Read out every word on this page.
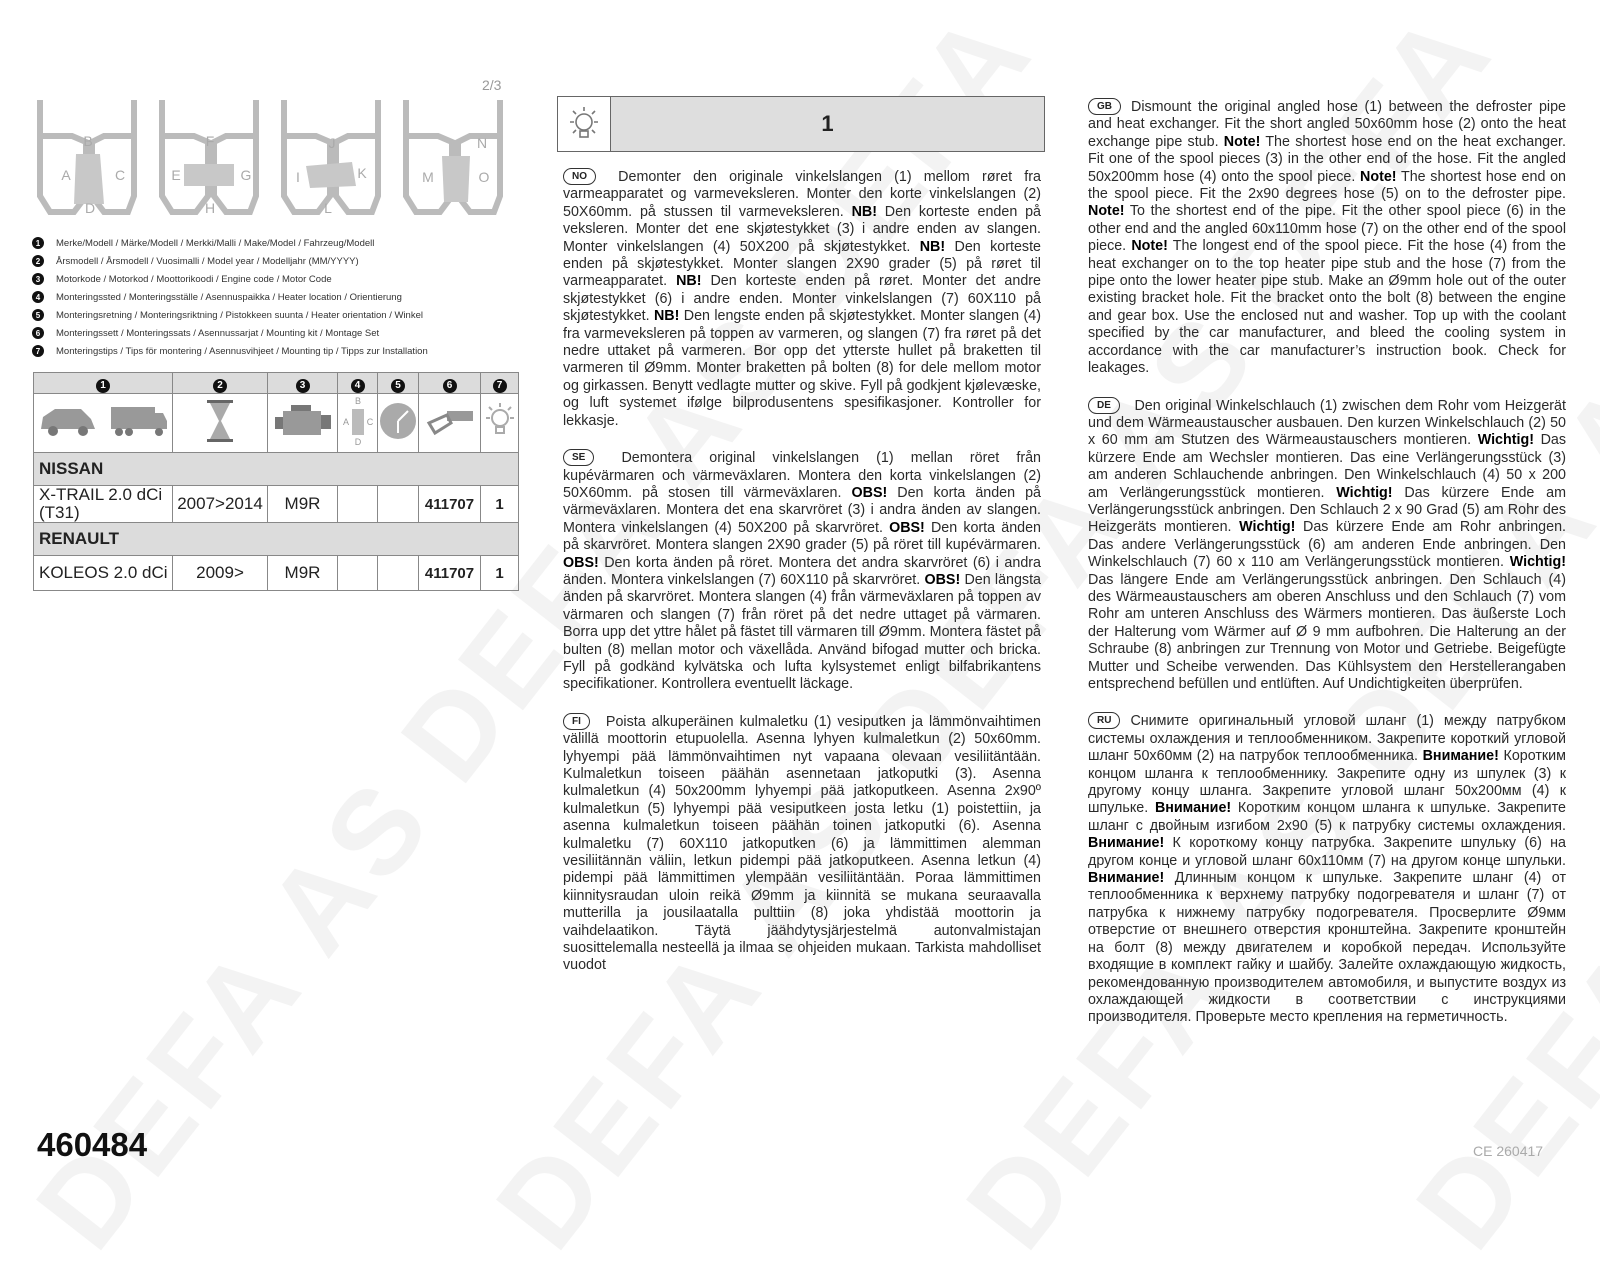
2/3
B
A	C
D
F
E	G
H
J
I	K
L
N
M	O
1	Merke/Modell / Märke/Modell / Merkki/Malli / Make/Model / Fahrzeug/Modell
2	Årsmodell / Årsmodell / Vuosimalli / Model year / Modelljahr (MM/YYYY)
3	Motorkode / Motorkod / Moottorikoodi / Engine code / Motor Code
4	Monteringssted / Monteringsställe / Asennuspaikka / Heater location / Orientierung
5	Monteringsretning / Monteringsriktning / Pistokkeen suunta / Heater orientation / Winkel
6	Monteringssett / Monteringssats / Asennussarjat / Mounting kit / Montage Set
7	Monteringstips / Tips för montering / Asennusvihjeet / Mounting tip / Tipps zur Installation
1	2	3	4	5	6	7

B
A C
D

NISSAN						
X-TRAIL 2.0 dCi (T31)	2007>2014	M9R			411707	1
RENAULT						
KOLEOS 2.0 dCi	2009>	M9R			411707	1
460484	CE 260417
1

NO Demonter den originale vinkelslangen (1) mellom røret fra varmeapparatet og varmeveksleren. Monter den korte vinkelslangen (2) 50X60mm. på stussen til varmeveksleren. NB! Den korteste enden på veksleren. Monter det ene skjøtestykket (3) i andre enden av slangen. Monter vinkelslangen (4) 50X200 på skjøtestykket. NB! Den korteste enden på skjøtestykket. Monter slangen 2X90 grader (5) på røret til varmeapparatet. NB! Den korteste enden på røret. Monter det andre skjøtestykket (6) i andre enden. Monter vinkelslangen (7) 60X110 på skjøtestykket. NB! Den lengste enden på skjøtestykket. Monter slangen (4) fra varmeveksleren på toppen av varmeren, og slangen (7) fra røret på det nedre uttaket på varmeren. Bor opp det ytterste hullet på braketten til varmeren til Ø9mm. Monter braketten på bolten (8) for dele mellom motor og girkassen. Benytt vedlagte mutter og skive. Fyll på godkjent kjølevæske, og luft systemet ifølge bilprodusentens spesifikasjoner. Kontroller for lekkasje.

SE	Demontera original vinkelslangen (1) mellan röret från kupévärmaren och värmeväxlaren. Montera den korta vinkelslangen (2) 50X60mm. på stosen till värmeväxlaren. OBS! Den korta änden på värmeväxlaren. Montera det ena skarvröret (3) i andra änden av slangen. Montera vinkelslangen (4) 50X200 på skarvröret. OBS! Den korta änden på skarvröret. Montera slangen 2X90 grader (5) på röret till kupévärmaren. OBS! Den korta änden på röret. Montera det andra skarvröret (6) i andra änden. Montera vinkelslangen (7) 60X110 på skarvröret. OBS! Den längsta änden på skarvröret. Montera slangen (4) från värmeväxlaren på toppen av värmaren och slangen (7) från röret på det nedre uttaget på värmaren. Borra upp det yttre hålet på fästet till värmaren till Ø9mm. Montera fästet på bulten (8) mellan motor och växellåda. Använd bifogad mutter och bricka. Fyll på godkänd kylvätska och lufta kylsystemet enligt bilfabrikantens specifikationer. Kontrollera eventuellt läckage.

FI Poista alkuperäinen kulmaletku (1) vesiputken ja lämmönvaihtimen välillä moottorin etupuolella. Asenna lyhyen kulmaletkun (2) 50x60mm. lyhyempi pää lämmönvaihtimen nyt vapaana olevaan vesiliitäntään. Kulmaletkun toiseen päähän asennetaan jatkoputki (3). Asenna kulmaletkun (4) 50x200mm lyhyempi pää jatkoputkeen. Asenna 2x90º kulmaletkun (5) lyhyempi pää vesiputkeen josta letku (1) poistettiin, ja asenna kulmaletkun toiseen päähän toinen jatkoputki (6). Asenna kulmaletku (7) 60X110 jatkoputken (6) ja lämmittimen alemman vesiliitännän väliin, letkun pidempi pää jatkoputkeen. Asenna letkun (4) pidempi pää lämmittimen ylempään vesiliitäntään. Poraa lämmittimen kiinnitysraudan uloin reikä Ø9mm ja kiinnitä se mukana seuraavalla mutterilla ja jousilaatalla pulttiin (8) joka yhdistää moottorin ja vaihdelaatikon. Täytä jäähdytysjärjestelmä autonvalmistajan suosittelemalla nesteellä ja ilmaa se ohjeiden mukaan. Tarkista mahdolliset vuodot

GB Dismount the original angled hose (1) between the defroster pipe and heat exchanger. Fit the short angled 50x60mm hose (2) onto the heat exchange pipe stub. Note! The shortest hose end on the heat exchanger. Fit one of the spool pieces (3) in the other end of the hose. Fit the angled 50x200mm hose (4) onto the spool piece. Note! The shortest hose end on the spool piece. Fit the 2x90 degrees hose (5) on to the defroster pipe. Note! To the shortest end of the pipe. Fit the other spool piece (6) in the other end and the angled 60x110mm hose (7) on the other end of the spool piece. Note! The longest end of the spool piece. Fit the hose (4) from the heat exchanger on to the top heater pipe stub and the hose (7) from the pipe onto the lower heater pipe stub. Make an Ø9mm hole out of the outer existing bracket hole. Fit the bracket onto the bolt (8) between the engine and gear box. Use the enclosed nut and washer. Top up with the coolant specified by the car manufacturer, and bleed the cooling system in accordance with the car manufacturer’s instruction book. Check for leakages.

DE Den original Winkelschlauch (1) zwischen dem Rohr vom Heizgerät und dem Wärmeaustauscher ausbauen. Den kurzen Winkelschlauch (2) 50 x 60 mm am Stutzen des Wärmeaustauschers montieren. Wichtig! Das kürzere Ende am Wechsler montieren. Das eine Verlängerungsstück (3) am anderen Schlauchende anbringen. Den Winkelschlauch (4) 50 x 200 am Verlängerungsstück montieren. Wichtig! Das kürzere Ende am Verlängerungsstück anbringen. Den Schlauch 2 x 90 Grad (5) am Rohr des Heizgeräts montieren. Wichtig! Das kürzere Ende am Rohr anbringen. Das andere Verlängerungsstück (6) am anderen Ende anbringen. Den Winkelschlauch (7) 60 x 110 am Verlängerungsstück montieren. Wichtig! Das längere Ende am Verlängerungsstück anbringen. Den Schlauch (4) des Wärmeaustauschers am oberen Anschluss und den Schlauch (7) vom Rohr am unteren Anschluss des Wärmers montieren. Das äußerste Loch der Halterung vom Wärmer auf Ø 9 mm aufbohren. Die Halterung an der Schraube (8) anbringen zur Trennung von Motor und Getriebe. Beigefügte Mutter und Scheibe verwenden. Das Kühlsystem den Herstellerangaben entsprechend befüllen und entlüften. Auf Undichtigkeiten überprüfen.

RU Снимите оригинальный угловой шланг (1) между патрубком системы охлаждения и теплообменником. Закрепите короткий угловой шланг 50x60мм (2) на патрубок теплообменника. Внимание! Коротким концом шланга к теплообменнику. Закрепите одну из шпулек (3) к другому концу шланга. Закрепите угловой шланг 50x200мм (4) к шпульке. Внимание! Коротким концом шланга к шпульке. Закрепите шланг с двойным изгибом 2x90 (5) к патрубку системы охлаждения. Внимание! К короткому концу патрубка. Закрепите шпульку (6) на другом конце и угловой шланг 60x110мм (7) на другом конце шпульки. Внимание! Длинным концом к шпульке. Закрепите шланг (4) от теплообменника к верхнему патрубку подогревателя и шланг (7) от патрубка к нижнему патрубку подогревателя. Просверлите Ø9мм отверстие от внешнего отверстия кронштейна. Закрепите кронштейн на болт (8) между двигателем и коробкой передач. Используйте входящие в комплект гайку и шайбу. Залейте охлаждающую жидкость, рекомендованную производителем автомобиля, и выпустите воздух из охлаждающей жидкости в соответствии с инструкциями производителя. Проверьте место крепления на герметичность.
